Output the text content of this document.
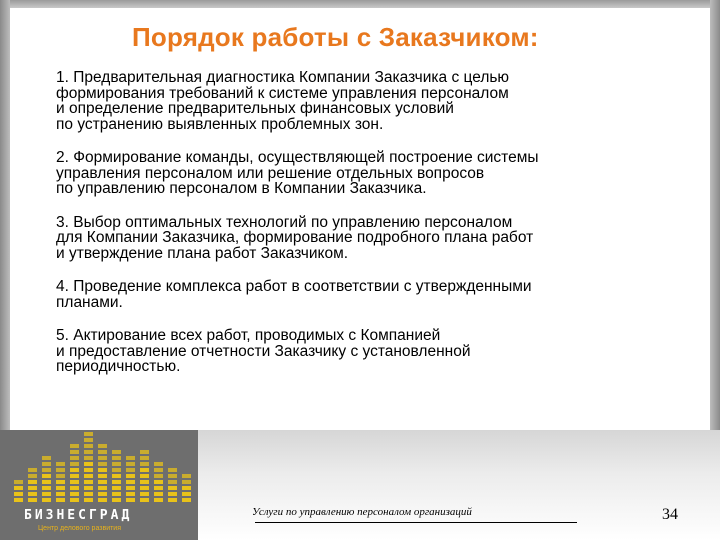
Порядок работы с Заказчиком:

1. Предварительная диагностика Компании Заказчика с целью
формирования требований к системе управления персоналом
и определение предварительных финансовых условий
по устранению выявленных проблемных зон.

2. Формирование команды, осуществляющей построение системы
управления персоналом или решение отдельных вопросов
по управлению персоналом в Компании Заказчика.

3. Выбор оптимальных технологий по управлению персоналом
для Компании Заказчика, формирование подробного плана работ
и утверждение плана работ Заказчиком.

4. Проведение комплекса работ в соответствии с утвержденными
планами.

5. Актирование всех работ, проводимых с Компанией
и предоставление отчетности Заказчику с установленной
периодичностью.

БИЗНЕСГРАД
Центр делового развития
Услуги по управлению персоналом организаций	34
